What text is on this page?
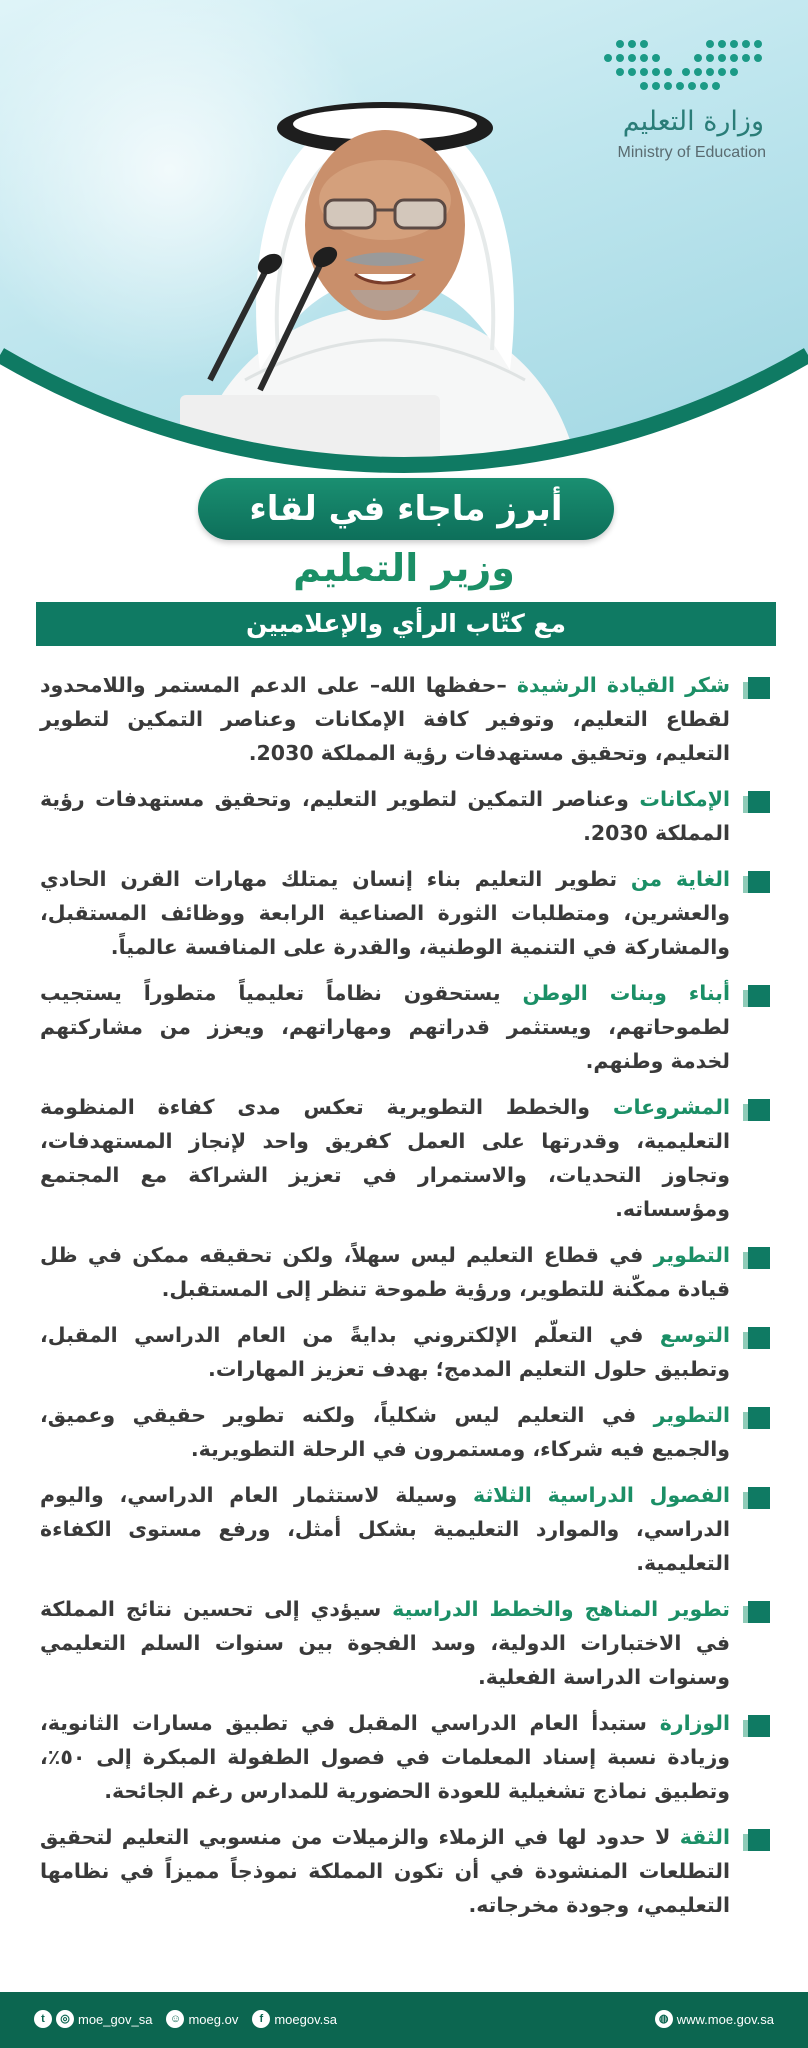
وزارة التعليم
Ministry of Education
أبرز ماجاء في لقاء
وزير التعليم
مع كتّاب الرأي والإعلاميين
شكر القيادة الرشيدة –حفظها الله– على الدعم المستمر واللامحدود لقطاع التعليم، وتوفير كافة الإمكانات وعناصر التمكين لتطوير التعليم، وتحقيق مستهدفات رؤية المملكة 2030.
الإمكانات وعناصر التمكين لتطوير التعليم، وتحقيق مستهدفات رؤية المملكة 2030.
الغاية من تطوير التعليم بناء إنسان يمتلك مهارات القرن الحادي والعشرين، ومتطلبات الثورة الصناعية الرابعة ووظائف المستقبل، والمشاركة في التنمية الوطنية، والقدرة على المنافسة عالمياً.
أبناء وبنات الوطن يستحقون نظاماً تعليمياً متطوراً يستجيب لطموحاتهم، ويستثمر قدراتهم ومهاراتهم، ويعزز من مشاركتهم لخدمة وطنهم.
المشروعات والخطط التطويرية تعكس مدى كفاءة المنظومة التعليمية، وقدرتها على العمل كفريق واحد لإنجاز المستهدفات، وتجاوز التحديات، والاستمرار في تعزيز الشراكة مع المجتمع ومؤسساته.
التطوير في قطاع التعليم ليس سهلاً، ولكن تحقيقه ممكن في ظل قيادة ممكّنة للتطوير، ورؤية طموحة تنظر إلى المستقبل.
التوسع في التعلّم الإلكتروني بدايةً من العام الدراسي المقبل، وتطبيق حلول التعليم المدمج؛ بهدف تعزيز المهارات.
التطوير في التعليم ليس شكلياً، ولكنه تطوير حقيقي وعميق، والجميع فيه شركاء، ومستمرون في الرحلة التطويرية.
الفصول الدراسية الثلاثة وسيلة لاستثمار العام الدراسي، واليوم الدراسي، والموارد التعليمية بشكل أمثل، ورفع مستوى الكفاءة التعليمية.
تطوير المناهج والخطط الدراسية سيؤدي إلى تحسين نتائج المملكة في الاختبارات الدولية، وسد الفجوة بين سنوات السلم التعليمي وسنوات الدراسة الفعلية.
الوزارة ستبدأ العام الدراسي المقبل في تطبيق مسارات الثانوية، وزيادة نسبة إسناد المعلمات في فصول الطفولة المبكرة إلى ٥٠٪، وتطبيق نماذج تشغيلية للعودة الحضورية للمدارس رغم الجائحة.
الثقة لا حدود لها في الزملاء والزميلات من منسوبي التعليم لتحقيق التطلعات المنشودة في أن تكون المملكة نموذجاً مميزاً في نظامها التعليمي، وجودة مخرجاته.
t	◎ moe_gov_sa	☺ moeg.ov	f moegov.sa	◍ www.moe.gov.sa
